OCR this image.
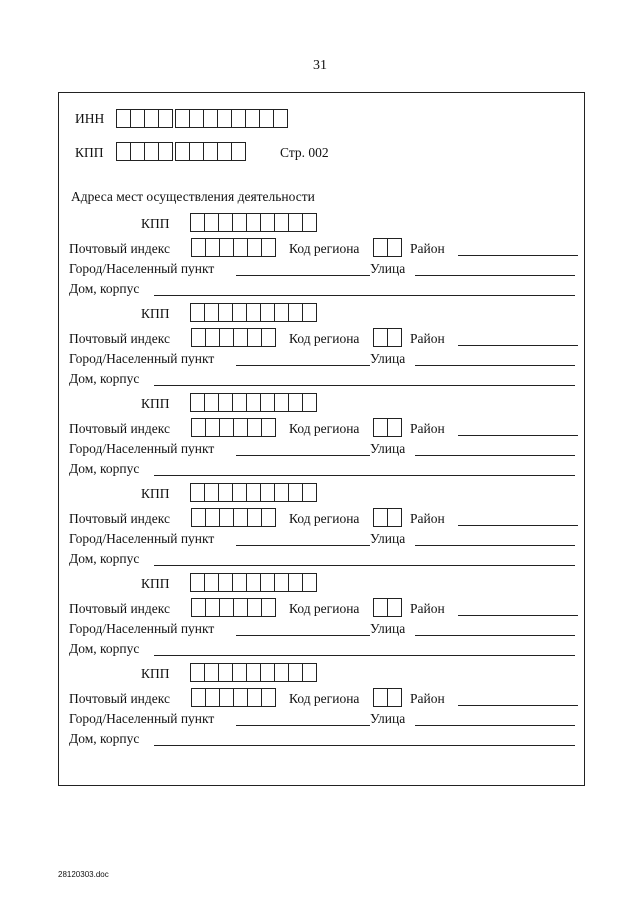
31
ИНН
КПП	Стр. 002
Адреса мест осуществления деятельности
КПП
Почтовый индекс	Код региона	Район
Город/Населенный пункт	Улица
Дом, корпус
КПП
Почтовый индекс	Код региона	Район
Город/Населенный пункт	Улица
Дом, корпус
КПП
Почтовый индекс	Код региона	Район
Город/Населенный пункт	Улица
Дом, корпус
КПП
Почтовый индекс	Код региона	Район
Город/Населенный пункт	Улица
Дом, корпус
КПП
Почтовый индекс	Код региона	Район
Город/Населенный пункт	Улица
Дом, корпус
КПП
Почтовый индекс	Код региона	Район
Город/Населенный пункт	Улица
Дом, корпус
28120303.doc
